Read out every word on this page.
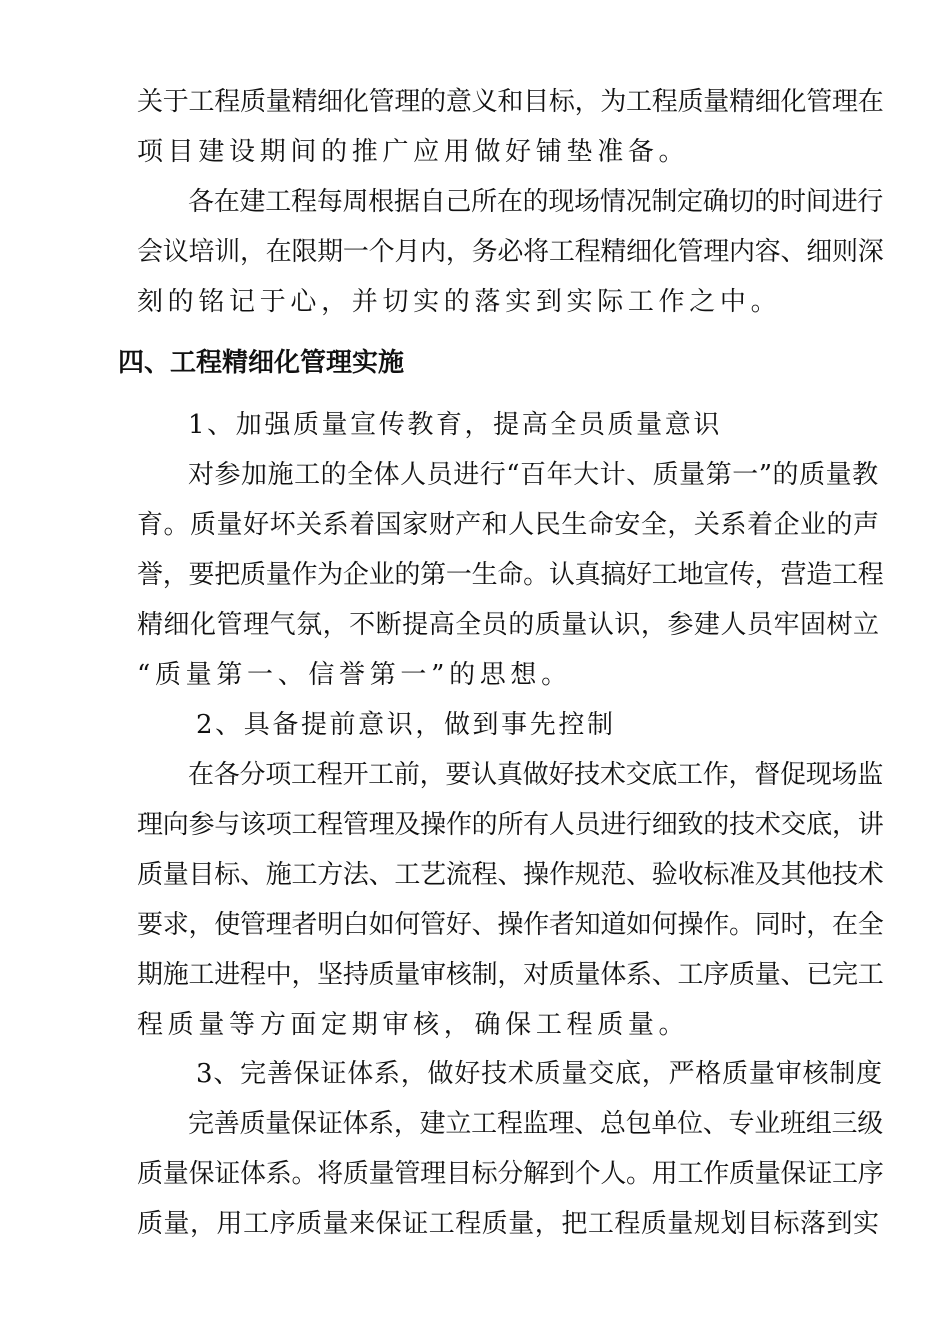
关于工程质量精细化管理的意义和目标，为工程质量精细化管理在
项目建设期间的推广应用做好铺垫准备。
各在建工程每周根据自己所在的现场情况制定确切的时间进行
会议培训，在限期一个月内，务必将工程精细化管理内容、细则深
刻的铭记于心，并切实的落实到实际工作之中。
四、工程精细化管理实施
1、加强质量宣传教育，提高全员质量意识
对参加施工的全体人员进行“百年大计、质量第一”的质量教
育。质量好坏关系着国家财产和人民生命安全，关系着企业的声
誉，要把质量作为企业的第一生命。认真搞好工地宣传，营造工程
精细化管理气氛，不断提高全员的质量认识，参建人员牢固树立
“质量第一、信誉第一”的思想。
2、具备提前意识，做到事先控制
在各分项工程开工前，要认真做好技术交底工作，督促现场监
理向参与该项工程管理及操作的所有人员进行细致的技术交底，讲
质量目标、施工方法、工艺流程、操作规范、验收标准及其他技术
要求，使管理者明白如何管好、操作者知道如何操作。同时，在全
期施工进程中，坚持质量审核制，对质量体系、工序质量、已完工
程质量等方面定期审核，确保工程质量。
3、完善保证体系，做好技术质量交底，严格质量审核制度
完善质量保证体系，建立工程监理、总包单位、专业班组三级
质量保证体系。将质量管理目标分解到个人。用工作质量保证工序
质量，用工序质量来保证工程质量，把工程质量规划目标落到实
